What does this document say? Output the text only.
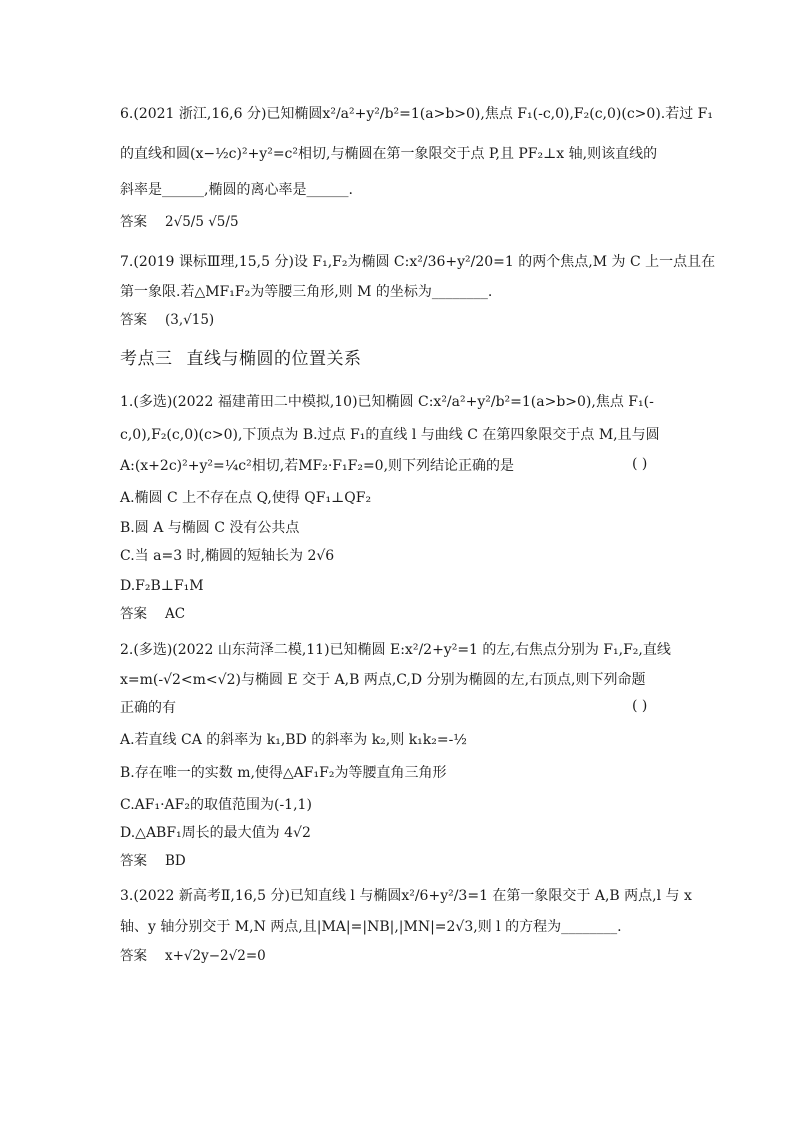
6.(2021 浙江,16,6 分)已知椭圆x²/a²+y²/b²=1(a>b>0),焦点 F₁(-c,0),F₂(c,0)(c>0).若过 F₁
的直线和圆(x−½c)²+y²=c²相切,与椭圆在第一象限交于点 P,且 PF₂⊥x 轴,则该直线的
斜率是______,椭圆的离心率是______.
答案 2√5/5 √5/5
7.(2019 课标Ⅲ理,15,5 分)设 F₁,F₂为椭圆 C:x²/36+y²/20=1 的两个焦点,M 为 C 上一点且在
第一象限.若△MF₁F₂为等腰三角形,则 M 的坐标为________.
答案 (3,√15)
考点三 直线与椭圆的位置关系
1.(多选)(2022 福建莆田二中模拟,10)已知椭圆 C:x²/a²+y²/b²=1(a>b>0),焦点 F₁(-
c,0),F₂(c,0)(c>0),下顶点为 B.过点 F₁的直线 l 与曲线 C 在第四象限交于点 M,且与圆
A:(x+2c)²+y²=¼c²相切,若MF₂·F₁F₂=0,则下列结论正确的是	( )
A.椭圆 C 上不存在点 Q,使得 QF₁⊥QF₂
B.圆 A 与椭圆 C 没有公共点
C.当 a=3 时,椭圆的短轴长为 2√6
D.F₂B⊥F₁M
答案 AC
2.(多选)(2022 山东菏泽二模,11)已知椭圆 E:x²/2+y²=1 的左,右焦点分别为 F₁,F₂,直线
x=m(-√2<m<√2)与椭圆 E 交于 A,B 两点,C,D 分别为椭圆的左,右顶点,则下列命题
正确的有	( )
A.若直线 CA 的斜率为 k₁,BD 的斜率为 k₂,则 k₁k₂=-½
B.存在唯一的实数 m,使得△AF₁F₂为等腰直角三角形
C.AF₁·AF₂的取值范围为(-1,1)
D.△ABF₁周长的最大值为 4√2
答案 BD
3.(2022 新高考Ⅱ,16,5 分)已知直线 l 与椭圆x²/6+y²/3=1 在第一象限交于 A,B 两点,l 与 x
轴、y 轴分别交于 M,N 两点,且|MA|=|NB|,|MN|=2√3,则 l 的方程为________.
答案 x+√2y−2√2=0
